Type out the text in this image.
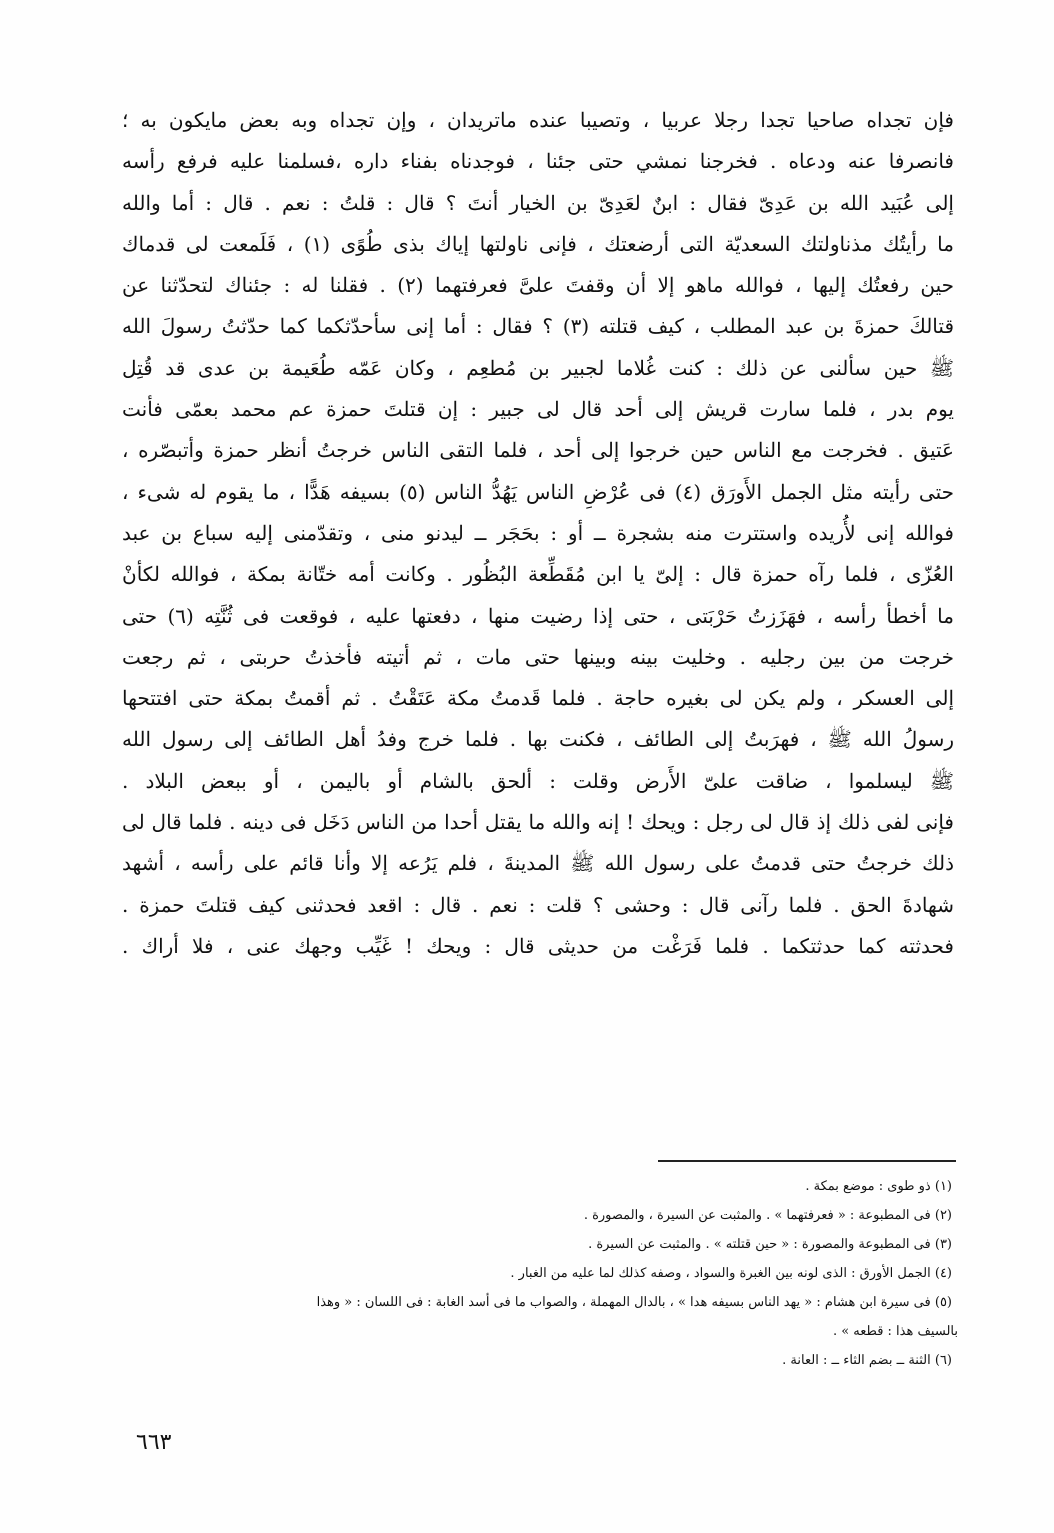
فإن تجداه صاحيا تجدا رجلا عربيا ، وتصيبا عنده ماتريدان ، وإن تجداه وبه بعض مايكون به ؛
فانصرفا عنه ودعاه . فخرجنا نمشي حتى جئنا ، فوجدناه بفناء داره ،فسلمنا عليه فرفع رأسه
إلى عُبَيد الله بن عَدِىّ فقال : ابنٌ لعَدِىّ بن الخيار أنتَ ؟ قال : قلتُ : نعم . قال : أما والله
ما رأيتُك مذناولتك السعديّة التى أرضعتك ، فإنى ناولتها إياك بذى طُوًى (١) ، فَلَمعت لى قدماك
حين رفعتُك إليها ، فوالله ماهو إلا أن وقفتَ علىَّ فعرفتهما (٢) . فقلنا له : جئناك لتحدّثنا عن
قتالكَ حمزةَ بن عبد المطلب ، كيف قتلته (٣) ؟ فقال : أما إنى سأحدّثكما كما حدّثتُ رسولَ الله
ﷺ حين سألنى عن ذلك : كنت غُلاما لجبير بن مُطعِم ، وكان عَمّه طُعَيمة بن عدى قد قُتِل
يوم بدر ، فلما سارت قريش إلى أحد قال لى جبير : إن قتلتَ حمزة عم محمد بعمّى فأنت
عَتيق . فخرجت مع الناس حين خرجوا إلى أحد ، فلما التقى الناس خرجتُ أنظر حمزة وأتبصّره ،
حتى رأيته مثل الجمل الأَورَق (٤) فى عُرْضِ الناس يَهُدُّ الناس (٥) بسيفه هَدًّا ، ما يقوم له شىء ،
فوالله إنى لأُريده واستترت منه بشجرة ــ أو : بحَجَر ــ ليدنو منى ، وتقدّمنى إليه سباع بن عبد
العُزّى ، فلما رآه حمزة قال : إلىّ يا ابن مُقَطِّعة البُظُور . وكانت أمه ختّانة بمكة ، فوالله لكأنْ
ما أخطأ رأسه ، فهَزَزتُ حَرْبَتى ، حتى إذا رضيت منها ، دفعتها عليه ، فوقعت فى ثُنَّتِه (٦) حتى
خرجت من بين رجليه . وخليت بينه وبينها حتى مات ، ثم أتيته فأخذتُ حربتى ، ثم رجعت
إلى العسكر ، ولم يكن لى بغيره حاجة . فلما قَدمتُ مكة عَتَقْتُ . ثم أقمتُ بمكة حتى افتتحها
رسولُ الله ﷺ ، فهرَبتُ إلى الطائف ، فكنت بها . فلما خرج وفدُ أهل الطائف إلى رسول الله
ﷺ ليسلموا ، ضاقت علىّ الأَرض وقلت : ألحق بالشام أو باليمن ، أو ببعض البلاد .
فإنى لفى ذلك إذ قال لى رجل : ويحك ! إنه والله ما يقتل أحدا من الناس دَخَل فى دينه . فلما قال لى
ذلك خرجتُ حتى قدمتُ على رسول الله ﷺ المدينةَ ، فلم يَرُعه إلا وأنا قائم على رأسه ، أشهد
شهادةَ الحق . فلما رآنى قال : وحشى ؟ قلت : نعم . قال : اقعد فحدثنى كيف قتلتَ حمزة .
فحدثته كما حدثتكما . فلما فَرَغْت من حديثى قال : ويحك ! غَيِّب وجهك عنى ، فلا أراك .
(١) ذو طوى : موضع بمكة .
(٢) فى المطبوعة : « فعرفتهما » . والمثبت عن السيرة ، والمصورة .
(٣) فى المطبوعة والمصورة : « حين قتلته » . والمثبت عن السيرة .
(٤) الجمل الأورق : الذى لونه بين الغبرة والسواد ، وصفه كذلك لما عليه من الغبار .
(٥) فى سيرة ابن هشام : « يهد الناس بسيفه هدا » ، بالدال المهملة ، والصواب ما فى أسد الغابة : فى اللسان : « وهذا
بالسيف هذا : قطعه » .
(٦) الثنة ــ بضم الثاء ــ : العانة .
٦٦٣
